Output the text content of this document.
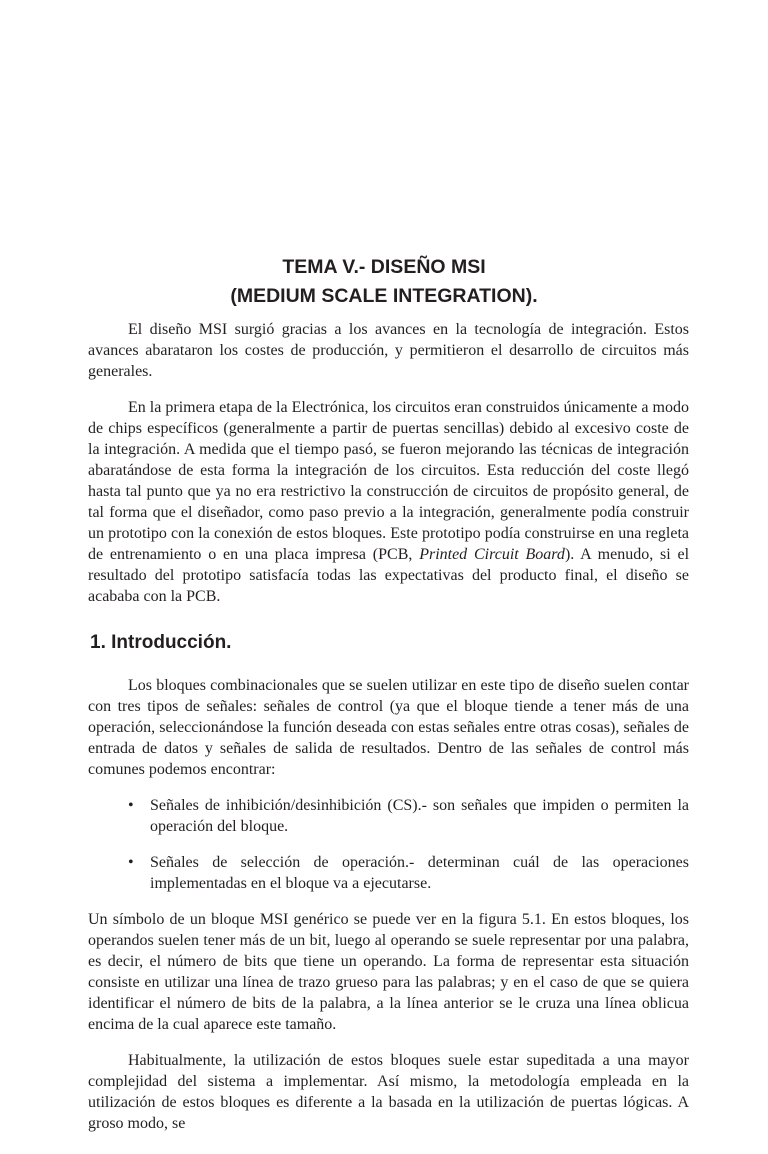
TEMA V.- DISEÑO MSI
(MEDIUM SCALE INTEGRATION).

El diseño MSI surgió gracias a los avances en la tecnología de integración. Estos avances abarataron los costes de producción, y permitieron el desarrollo de circuitos más generales.

En la primera etapa de la Electrónica, los circuitos eran construidos únicamente a modo de chips específicos (generalmente a partir de puertas sencillas) debido al excesivo coste de la integración. A medida que el tiempo pasó, se fueron mejorando las técnicas de integración abaratándose de esta forma la integración de los circuitos. Esta reducción del coste llegó hasta tal punto que ya no era restrictivo la construcción de circuitos de propósito general, de tal forma que el diseñador, como paso previo a la integración, generalmente podía construir un prototipo con la conexión de estos bloques. Este prototipo podía construirse en una regleta de entrenamiento o en una placa impresa (PCB, Printed Circuit Board). A menudo, si el resultado del prototipo satisfacía todas las expectativas del producto final, el diseño se acababa con la PCB.

1. Introducción.

Los bloques combinacionales que se suelen utilizar en este tipo de diseño suelen contar con tres tipos de señales: señales de control (ya que el bloque tiende a tener más de una operación, seleccionándose la función deseada con estas señales entre otras cosas), señales de entrada de datos y señales de salida de resultados. Dentro de las señales de control más comunes podemos encontrar:

• Señales de inhibición/desinhibición (CS).- son señales que impiden o permiten la operación del bloque.
• Señales de selección de operación.- determinan cuál de las operaciones implementadas en el bloque va a ejecutarse.

Un símbolo de un bloque MSI genérico se puede ver en la figura 5.1. En estos bloques, los operandos suelen tener más de un bit, luego al operando se suele representar por una palabra, es decir, el número de bits que tiene un operando. La forma de representar esta situación consiste en utilizar una línea de trazo grueso para las palabras; y en el caso de que se quiera identificar el número de bits de la palabra, a la línea anterior se le cruza una línea oblicua encima de la cual aparece este tamaño.

Habitualmente, la utilización de estos bloques suele estar supeditada a una mayor complejidad del sistema a implementar. Así mismo, la metodología empleada en la utilización de estos bloques es diferente a la basada en la utilización de puertas lógicas. A groso modo, se
